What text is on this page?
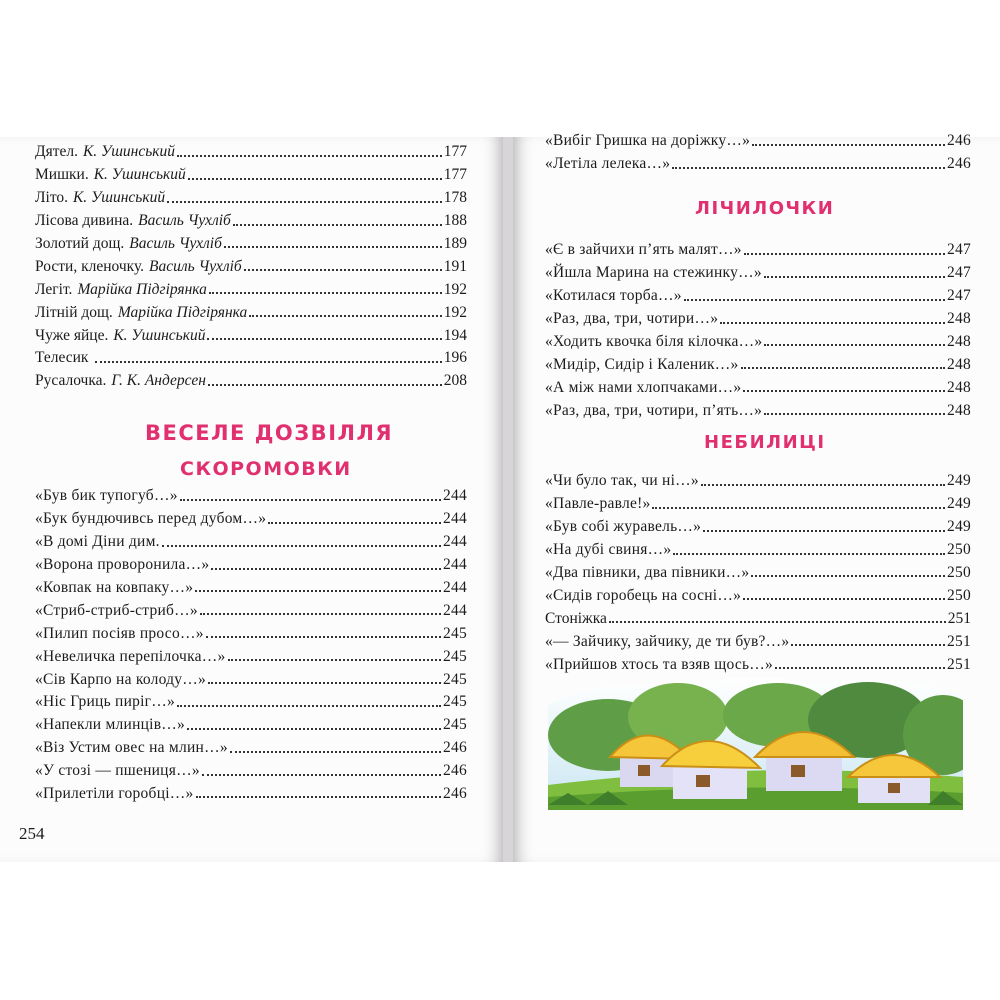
Дятел. К. Ушинський	177
Мишки. К. Ушинський	177
Літо. К. Ушинський	178
Лісова дивина. Василь Чухліб	188
Золотий дощ. Василь Чухліб	189
Рости, кленочку. Василь Чухліб	191
Легіт. Марійка Підгірянка	192
Літній дощ. Марійка Підгірянка	192
Чуже яйце. К. Ушинський	194
Телесик	196
Русалочка. Г. К. Андерсен	208
ВЕСЕЛЕ ДОЗВІЛЛЯ
СКОРОМОВКИ
«Був бик тупогуб…»	244
«Бук бундючивсь перед дубом…»	244
«В домі Діни дим.	244
«Ворона проворонила…»	244
«Ковпак на ковпаку…»	244
«Стриб-стриб-стриб…»	244
«Пилип посіяв просо…»	245
«Невеличка перепілочка…»	245
«Сів Карпо на колоду…»	245
«Ніс Гриць пиріг…»	245
«Напекли млинців…»	245
«Віз Устим овес на млин…»	246
«У стозі — пшениця…»	246
«Прилетіли горобці…»	246
254
«Вибіг Гришка на доріжку…»	246
«Летіла лелека…»	246
ЛІЧИЛОЧКИ
«Є в зайчихи п’ять малят…»	247
«Йшла Марина на стежинку…»	247
«Котилася торба…»	247
«Раз, два, три, чотири…»	248
«Ходить квочка біля кілочка…»	248
«Мидір, Сидір і Каленик…»	248
«А між нами хлопчаками…»	248
«Раз, два, три, чотири, п’ять…»	248
НЕБИЛИЦІ
«Чи було так, чи ні…»	249
«Павле-равле!»	249
«Був собі журавель…»	249
«На дубі свиня…»	250
«Два півники, два півники…»	250
«Сидів горобець на сосні…»	250
Стоніжка	251
«— Зайчику, зайчику, де ти був?…»	251
«Прийшов хтось та взяв щось…»	251
